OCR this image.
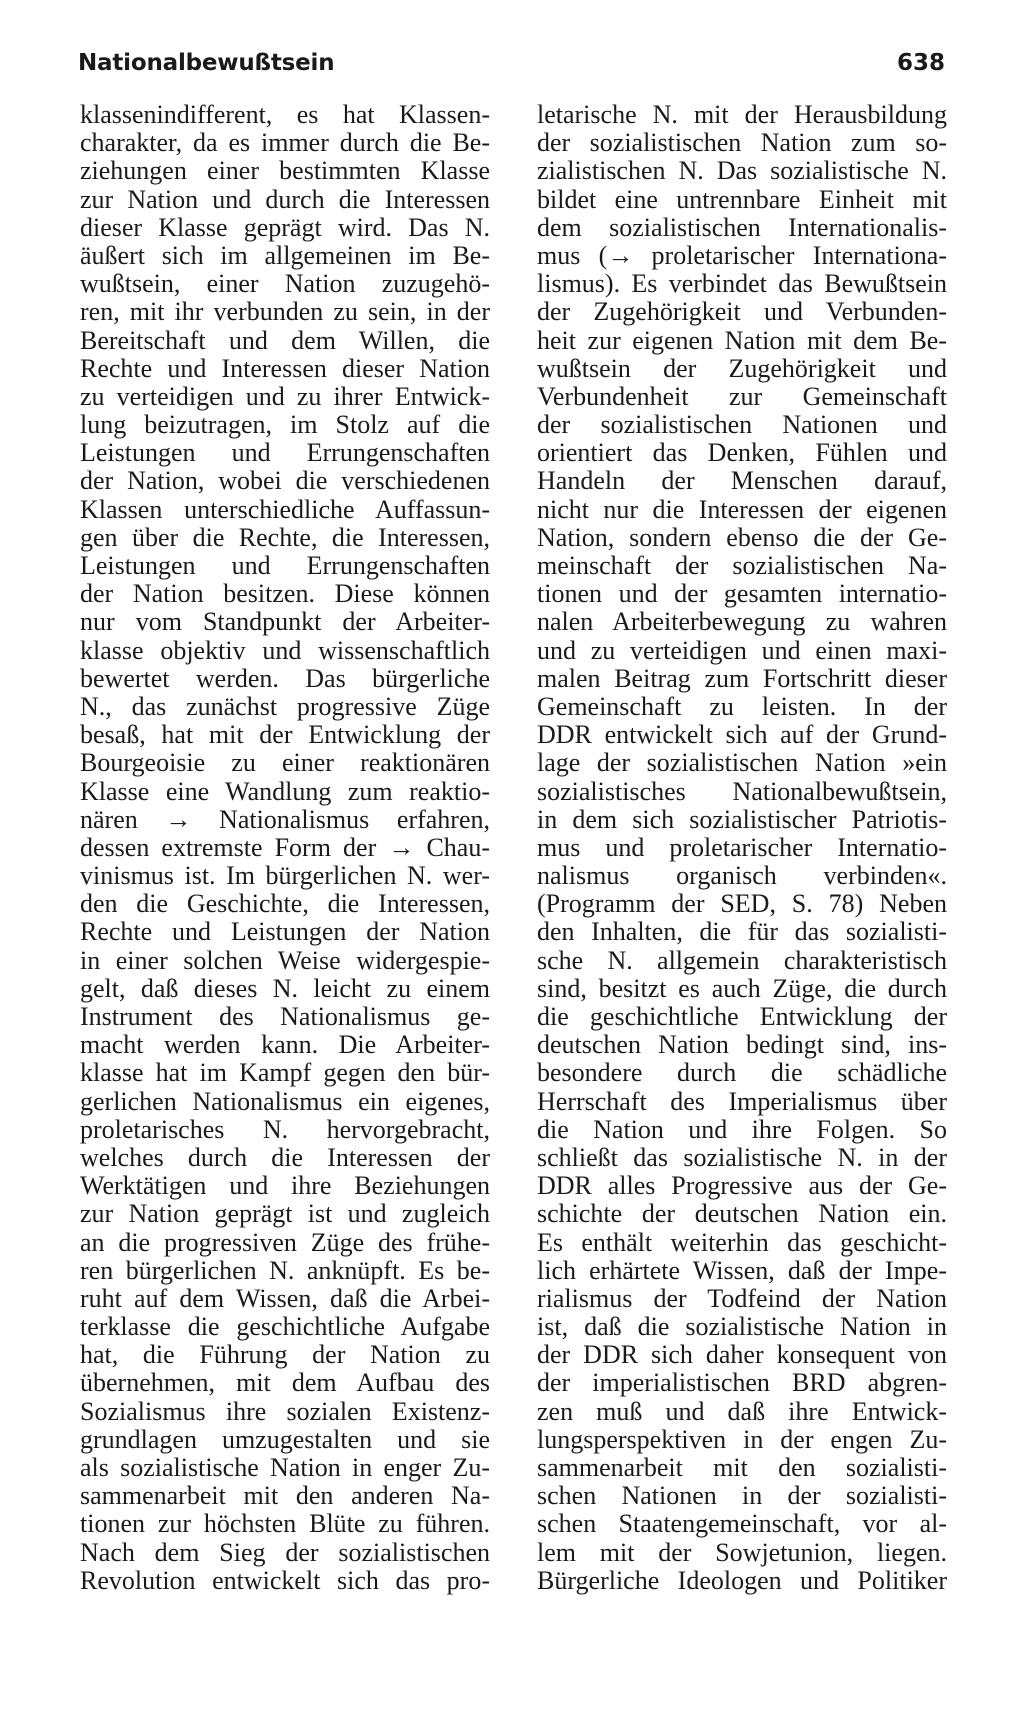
Nationalbewußtsein	638
klassenindifferent, es hat Klassen-
charakter, da es immer durch die Be-
ziehungen einer bestimmten Klasse
zur Nation und durch die Interessen
dieser Klasse geprägt wird. Das N.
äußert sich im allgemeinen im Be-
wußtsein, einer Nation zuzugehö-
ren, mit ihr verbunden zu sein, in der
Bereitschaft und dem Willen, die
Rechte und Interessen dieser Nation
zu verteidigen und zu ihrer Entwick-
lung beizutragen, im Stolz auf die
Leistungen und Errungenschaften
der Nation, wobei die verschiedenen
Klassen unterschiedliche Auffassun-
gen über die Rechte, die Interessen,
Leistungen und Errungenschaften
der Nation besitzen. Diese können
nur vom Standpunkt der Arbeiter-
klasse objektiv und wissenschaftlich
bewertet werden. Das bürgerliche
N., das zunächst progressive Züge
besaß, hat mit der Entwicklung der
Bourgeoisie zu einer reaktionären
Klasse eine Wandlung zum reaktio-
nären → Nationalismus erfahren,
dessen extremste Form der → Chau-
vinismus ist. Im bürgerlichen N. wer-
den die Geschichte, die Interessen,
Rechte und Leistungen der Nation
in einer solchen Weise widergespie-
gelt, daß dieses N. leicht zu einem
Instrument des Nationalismus ge-
macht werden kann. Die Arbeiter-
klasse hat im Kampf gegen den bür-
gerlichen Nationalismus ein eigenes,
proletarisches N. hervorgebracht,
welches durch die Interessen der
Werktätigen und ihre Beziehungen
zur Nation geprägt ist und zugleich
an die progressiven Züge des frühe-
ren bürgerlichen N. anknüpft. Es be-
ruht auf dem Wissen, daß die Arbei-
terklasse die geschichtliche Aufgabe
hat, die Führung der Nation zu
übernehmen, mit dem Aufbau des
Sozialismus ihre sozialen Existenz-
grundlagen umzugestalten und sie
als sozialistische Nation in enger Zu-
sammenarbeit mit den anderen Na-
tionen zur höchsten Blüte zu führen.
Nach dem Sieg der sozialistischen
Revolution entwickelt sich das pro-
letarische N. mit der Herausbildung
der sozialistischen Nation zum so-
zialistischen N. Das sozialistische N.
bildet eine untrennbare Einheit mit
dem sozialistischen Internationalis-
mus (→ proletarischer Internationa-
lismus). Es verbindet das Bewußtsein
der Zugehörigkeit und Verbunden-
heit zur eigenen Nation mit dem Be-
wußtsein der Zugehörigkeit und
Verbundenheit zur Gemeinschaft
der sozialistischen Nationen und
orientiert das Denken, Fühlen und
Handeln der Menschen darauf,
nicht nur die Interessen der eigenen
Nation, sondern ebenso die der Ge-
meinschaft der sozialistischen Na-
tionen und der gesamten internatio-
nalen Arbeiterbewegung zu wahren
und zu verteidigen und einen maxi-
malen Beitrag zum Fortschritt dieser
Gemeinschaft zu leisten. In der
DDR entwickelt sich auf der Grund-
lage der sozialistischen Nation »ein
sozialistisches Nationalbewußtsein,
in dem sich sozialistischer Patriotis-
mus und proletarischer Internatio-
nalismus organisch verbinden«.
(Programm der SED, S. 78) Neben
den Inhalten, die für das sozialisti-
sche N. allgemein charakteristisch
sind, besitzt es auch Züge, die durch
die geschichtliche Entwicklung der
deutschen Nation bedingt sind, ins-
besondere durch die schädliche
Herrschaft des Imperialismus über
die Nation und ihre Folgen. So
schließt das sozialistische N. in der
DDR alles Progressive aus der Ge-
schichte der deutschen Nation ein.
Es enthält weiterhin das geschicht-
lich erhärtete Wissen, daß der Impe-
rialismus der Todfeind der Nation
ist, daß die sozialistische Nation in
der DDR sich daher konsequent von
der imperialistischen BRD abgren-
zen muß und daß ihre Entwick-
lungsperspektiven in der engen Zu-
sammenarbeit mit den sozialisti-
schen Nationen in der sozialisti-
schen Staatengemeinschaft, vor al-
lem mit der Sowjetunion, liegen.
Bürgerliche Ideologen und Politiker
